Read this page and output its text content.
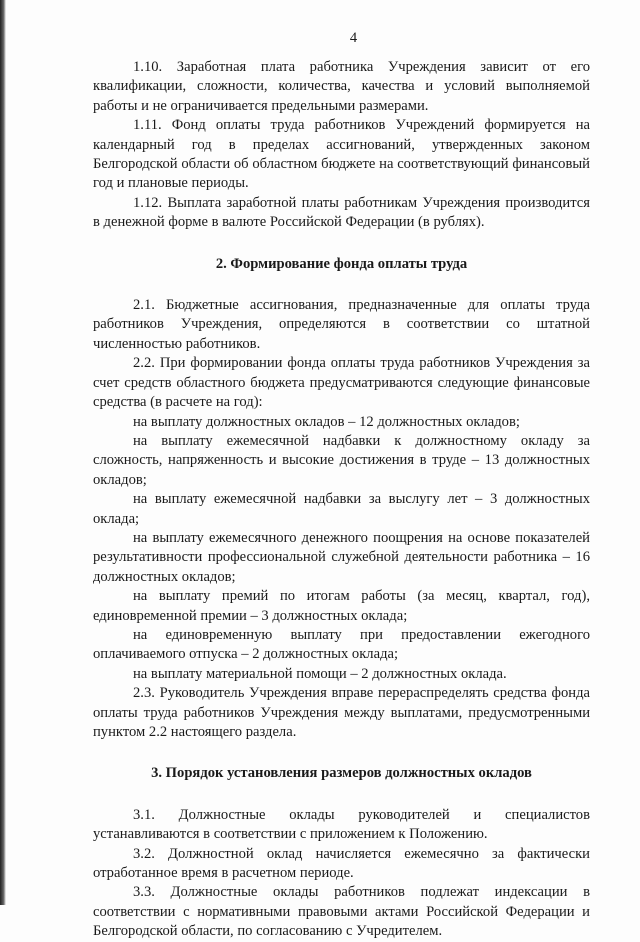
4

1.10. Заработная плата работника Учреждения зависит от его квалификации, сложности, количества, качества и условий выполняемой работы и не ограничивается предельными размерами.

1.11. Фонд оплаты труда работников Учреждений формируется на календарный год в пределах ассигнований, утвержденных законом Белгородской области об областном бюджете на соответствующий финансовый год и плановые периоды.

1.12. Выплата заработной платы работникам Учреждения производится в денежной форме в валюте Российской Федерации (в рублях).

2. Формирование фонда оплаты труда

2.1. Бюджетные ассигнования, предназначенные для оплаты труда работников Учреждения, определяются в соответствии со штатной численностью работников.

2.2. При формировании фонда оплаты труда работников Учреждения за счет средств областного бюджета предусматриваются следующие финансовые средства (в расчете на год):

на выплату должностных окладов – 12 должностных окладов;

на выплату ежемесячной надбавки к должностному окладу за сложность, напряженность и высокие достижения в труде – 13 должностных окладов;

на выплату ежемесячной надбавки за выслугу лет – 3 должностных оклада;

на выплату ежемесячного денежного поощрения на основе показателей результативности профессиональной служебной деятельности работника – 16 должностных окладов;

на выплату премий по итогам работы (за месяц, квартал, год), единовременной премии – 3 должностных оклада;

на единовременную выплату при предоставлении ежегодного оплачиваемого отпуска – 2 должностных оклада;

на выплату материальной помощи – 2 должностных оклада.

2.3. Руководитель Учреждения вправе перераспределять средства фонда оплаты труда работников Учреждения между выплатами, предусмотренными пунктом 2.2 настоящего раздела.

3. Порядок установления размеров должностных окладов

3.1. Должностные оклады руководителей и специалистов устанавливаются в соответствии с приложением к Положению.

3.2. Должностной оклад начисляется ежемесячно за фактически отработанное время в расчетном периоде.

3.3. Должностные оклады работников подлежат индексации в соответствии с нормативными правовыми актами Российской Федерации и Белгородской области, по согласованию с Учредителем.
